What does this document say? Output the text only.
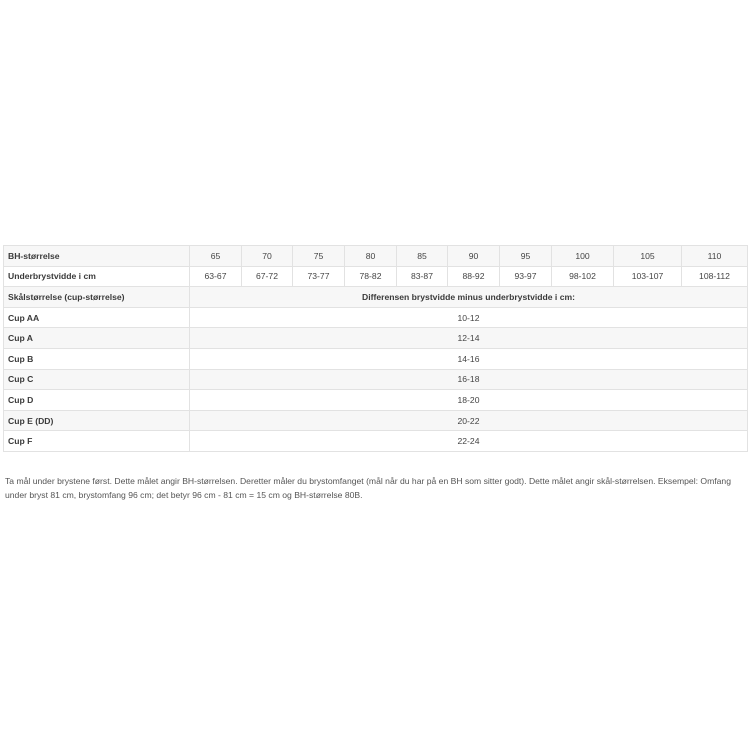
BH-størrelse	65	70	75	80	85	90	95	100	105	110
Underbrystvidde i cm	63-67	67-72	73-77	78-82	83-87	88-92	93-97	98-102	103-107	108-112
Skålstørrelse (cup-størrelse)	Differensen brystvidde minus underbrystvidde i cm:									
Cup AA	10-12									
Cup A	12-14									
Cup B	14-16									
Cup C	16-18									
Cup D	18-20									
Cup E (DD)	20-22									
Cup F	22-24									

Ta mål under brystene først. Dette målet angir BH-størrelsen. Deretter måler du brystomfanget (mål når du har på en BH som sitter godt). Dette målet angir skål-størrelsen. Eksempel: Omfang under bryst 81 cm, brystomfang 96 cm; det betyr 96 cm - 81 cm = 15 cm og BH-størrelse 80B.
